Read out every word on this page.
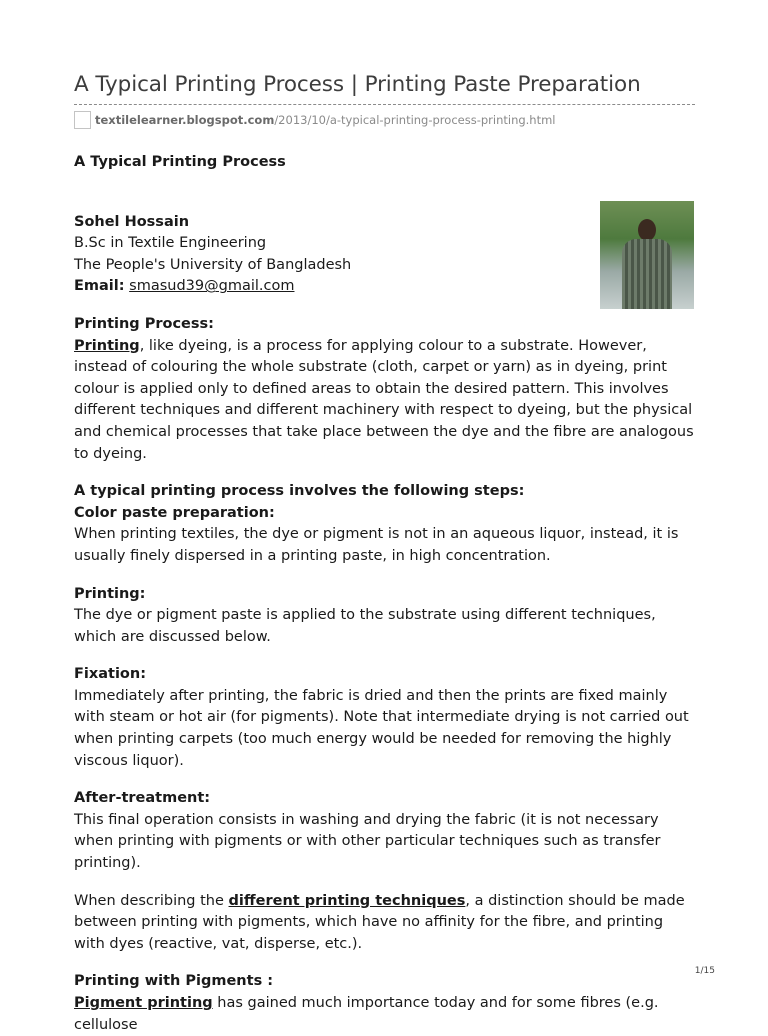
A Typical Printing Process | Printing Paste Preparation
textilelearner.blogspot.com /2013/10/a-typical-printing-process-printing.html

A Typical Printing Process

Sohel Hossain

B.Sc in Textile Engineering

The People's University of Bangladesh

Email: smasud39@gmail.com

Printing Process:

Printing, like dyeing, is a process for applying colour to a substrate. However, instead of colouring the whole substrate (cloth, carpet or yarn) as in dyeing, print colour is applied only to defined areas to obtain the desired pattern. This involves different techniques and different machinery with respect to dyeing, but the physical and chemical processes that take place between the dye and the fibre are analogous to dyeing.

A typical printing process involves the following steps:

Color paste preparation:

When printing textiles, the dye or pigment is not in an aqueous liquor, instead, it is usually finely dispersed in a printing paste, in high concentration.

Printing:

The dye or pigment paste is applied to the substrate using different techniques, which are discussed below.

Fixation:

Immediately after printing, the fabric is dried and then the prints are fixed mainly with steam or hot air (for pigments). Note that intermediate drying is not carried out when printing carpets (too much energy would be needed for removing the highly viscous liquor).

After-treatment:

This final operation consists in washing and drying the fabric (it is not necessary when printing with pigments or with other particular techniques such as transfer printing).

When describing the different printing techniques, a distinction should be made between printing with pigments, which have no affinity for the fibre, and printing with dyes (reactive, vat, disperse, etc.).

Printing with Pigments :

Pigment printing has gained much importance today and for some fibres (e.g. cellulose

1/15
